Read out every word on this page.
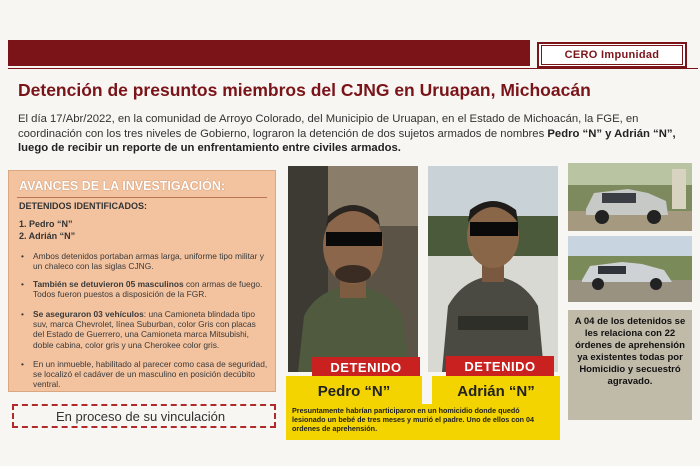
CERO Impunidad
Detención de presuntos miembros del CJNG en Uruapan, Michoacán
El día 17/Abr/2022, en la comunidad de Arroyo Colorado, del Municipio de Uruapan, en el Estado de Michoacán, la FGE, en coordinación con los tres niveles de Gobierno, lograron la detención de dos sujetos armados de nombres Pedro “N” y Adrián “N”, luego de recibir un reporte de un enfrentamiento entre civiles armados.
AVANCES DE LA INVESTIGACIÓN:
DETENIDOS IDENTIFICADOS:
1. Pedro “N”
2. Adrián “N”
• Ambos detenidos portaban armas larga, uniforme tipo militar y un chaleco con las siglas CJNG.
• También se detuvieron 05 masculinos con armas de fuego. Todos fueron puestos a disposición de la FGR.
• Se aseguraron 03 vehículos: una Camioneta blindada tipo suv, marca Chevrolet, línea Suburban, color Gris con placas del Estado de Guerrero, una Camioneta marca Mitsubishi, doble cabina, color gris y una Cherokee color gris.
• En un inmueble, habilitado al parecer como casa de seguridad, se localizó el cadáver de un masculino en posición decúbito ventral.
En proceso de su vinculación
DETENIDO	DETENIDO
Pedro “N”	Adrián “N”
Presuntamente habrían participaron en un homicidio donde quedó lesionado un bebé de tres meses y murió el padre. Uno de ellos con 04 ordenes de aprehensión.
A 04 de los detenidos se les relaciona con 22 órdenes de aprehensión ya existentes todas por Homicidio y secuestró agravado.
